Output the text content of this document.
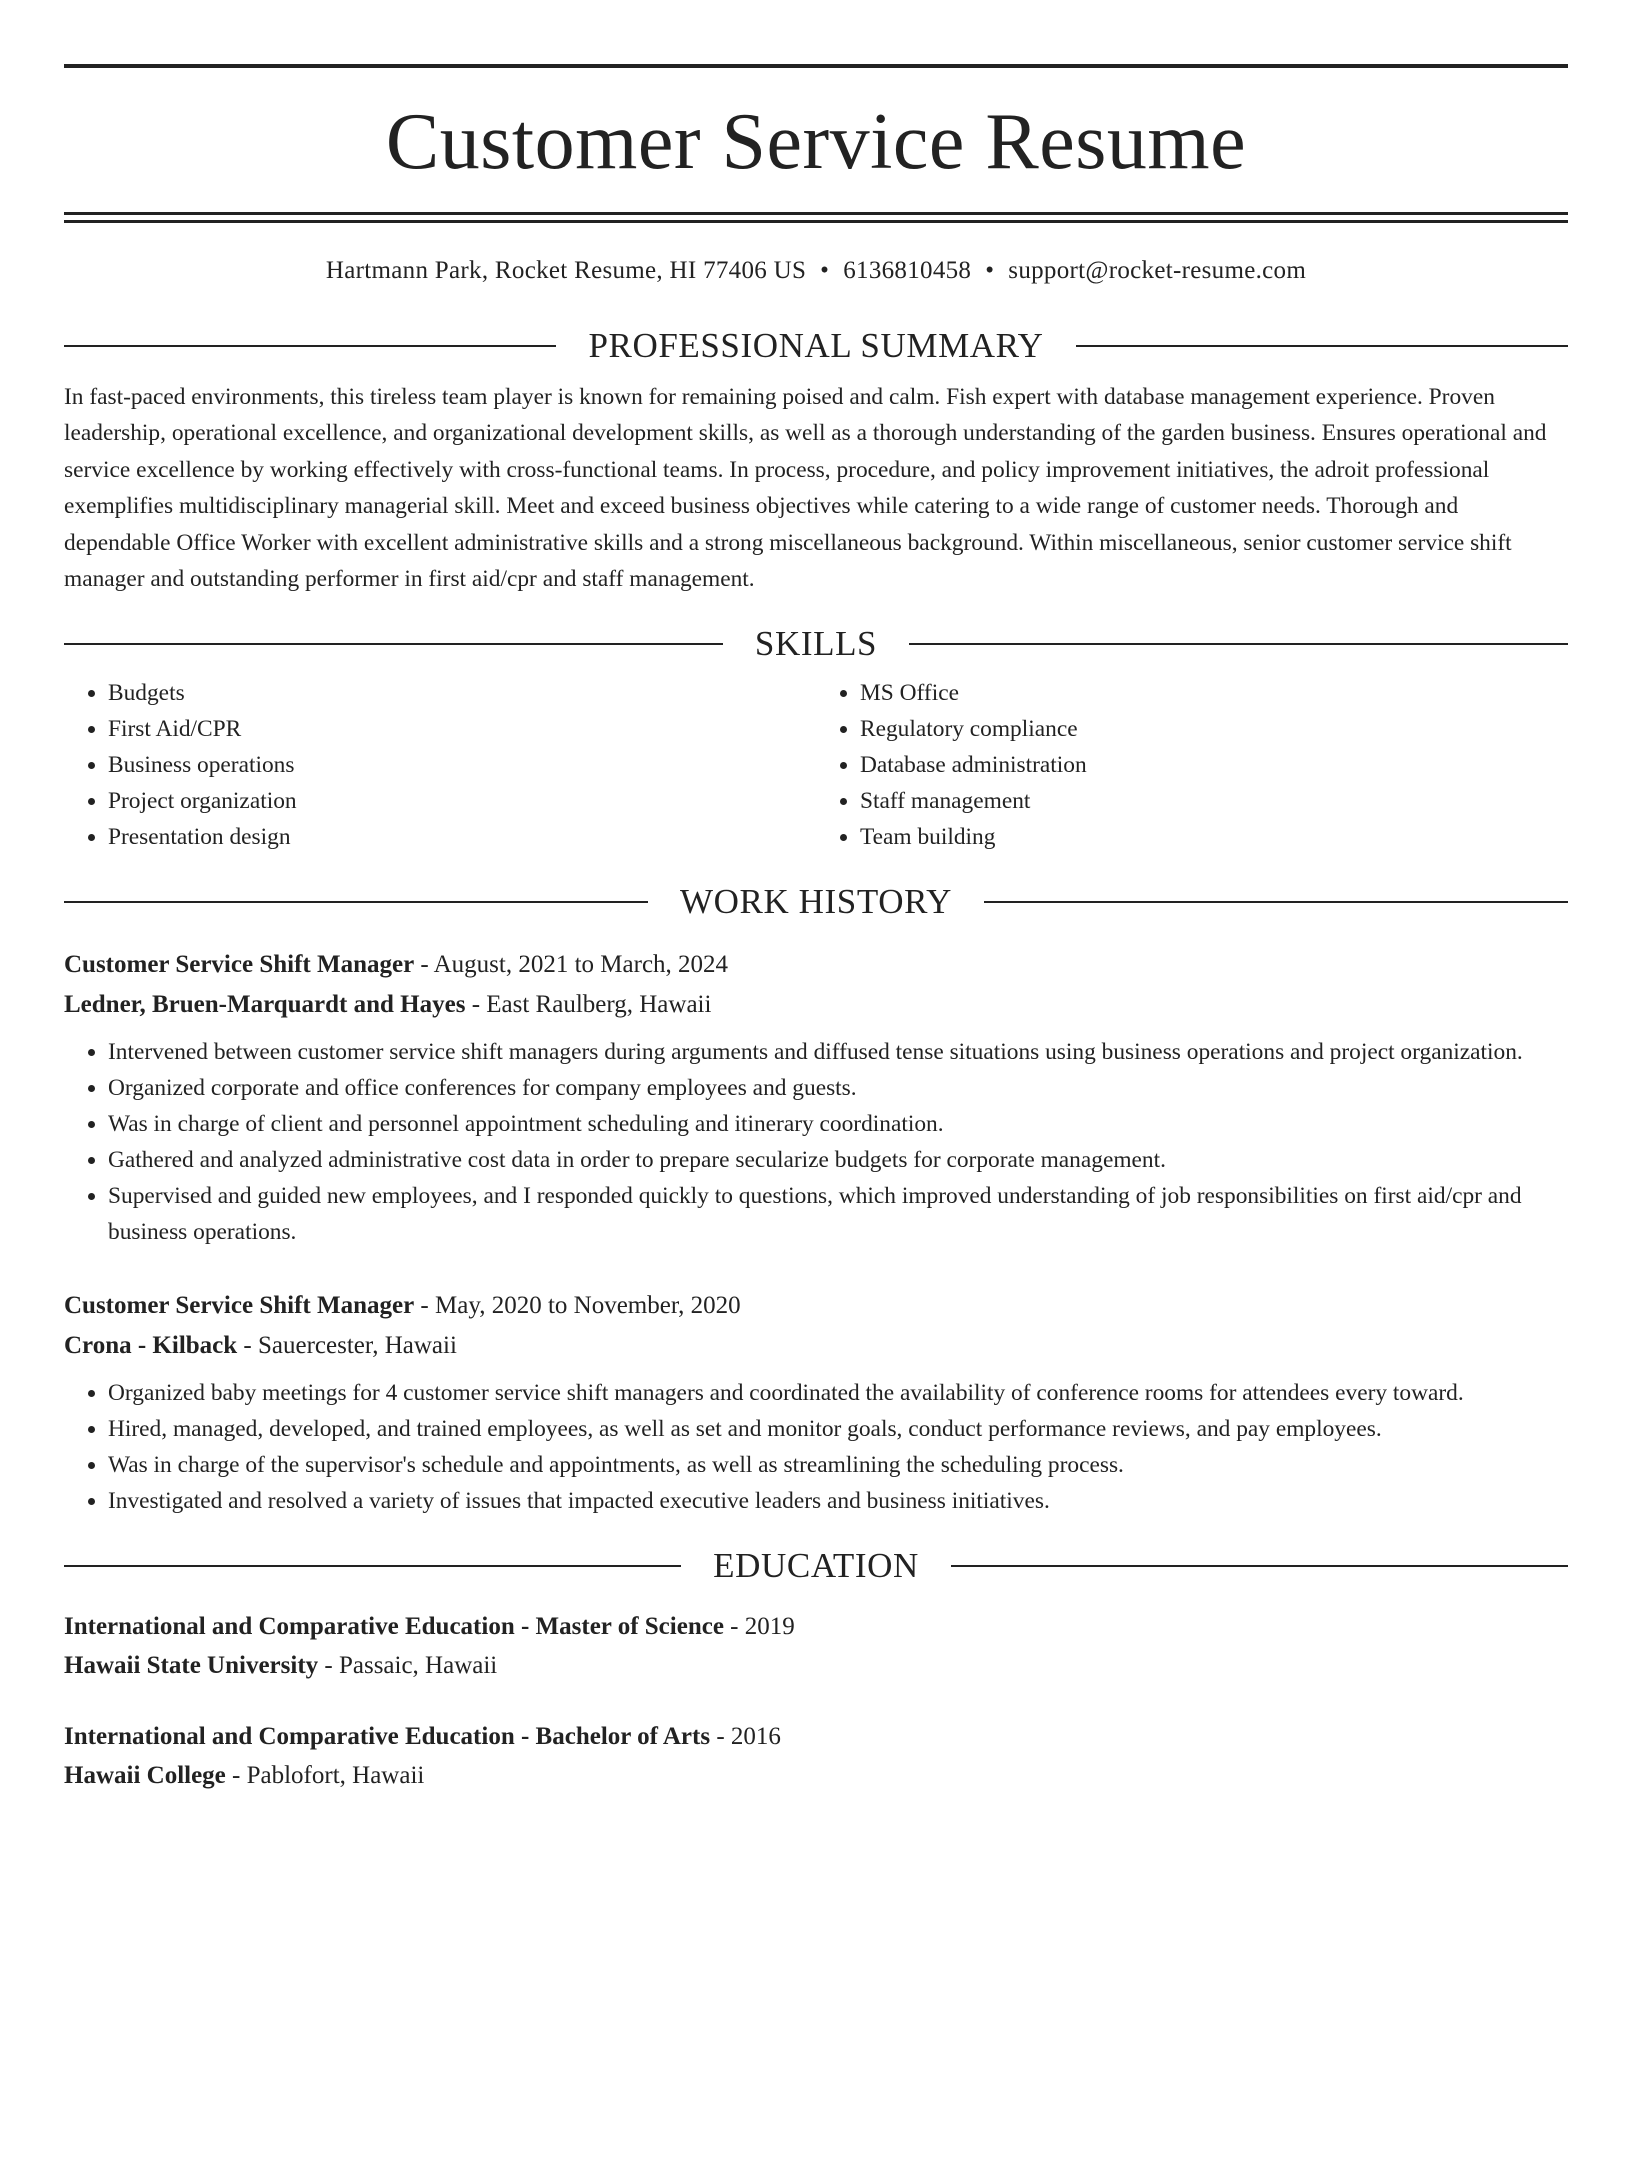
Customer Service Resume
Hartmann Park, Rocket Resume, HI 77406 US • 6136810458 • support@rocket-resume.com
PROFESSIONAL SUMMARY

In fast-paced environments, this tireless team player is known for remaining poised and calm. Fish expert with database management experience. Proven leadership, operational excellence, and organizational development skills, as well as a thorough understanding of the garden business. Ensures operational and service excellence by working effectively with cross-functional teams. In process, procedure, and policy improvement initiatives, the adroit professional exemplifies multidisciplinary managerial skill. Meet and exceed business objectives while catering to a wide range of customer needs. Thorough and dependable Office Worker with excellent administrative skills and a strong miscellaneous background. Within miscellaneous, senior customer service shift manager and outstanding performer in first aid/cpr and staff management.

SKILLS
• Budgets
• First Aid/CPR
• Business operations
• Project organization
• Presentation design
• MS Office
• Regulatory compliance
• Database administration
• Staff management
• Team building
WORK HISTORY
Customer Service Shift Manager - August, 2021 to March, 2024
Ledner, Bruen-Marquardt and Hayes - East Raulberg, Hawaii
• Intervened between customer service shift managers during arguments and diffused tense situations using business operations and project organization.
• Organized corporate and office conferences for company employees and guests.
• Was in charge of client and personnel appointment scheduling and itinerary coordination.
• Gathered and analyzed administrative cost data in order to prepare secularize budgets for corporate management.
• Supervised and guided new employees, and I responded quickly to questions, which improved understanding of job responsibilities on first aid/cpr and business operations.
Customer Service Shift Manager - May, 2020 to November, 2020
Crona - Kilback - Sauercester, Hawaii
• Organized baby meetings for 4 customer service shift managers and coordinated the availability of conference rooms for attendees every toward.
• Hired, managed, developed, and trained employees, as well as set and monitor goals, conduct performance reviews, and pay employees.
• Was in charge of the supervisor's schedule and appointments, as well as streamlining the scheduling process.
• Investigated and resolved a variety of issues that impacted executive leaders and business initiatives.
EDUCATION
International and Comparative Education - Master of Science - 2019
Hawaii State University - Passaic, Hawaii
International and Comparative Education - Bachelor of Arts - 2016
Hawaii College - Pablofort, Hawaii
